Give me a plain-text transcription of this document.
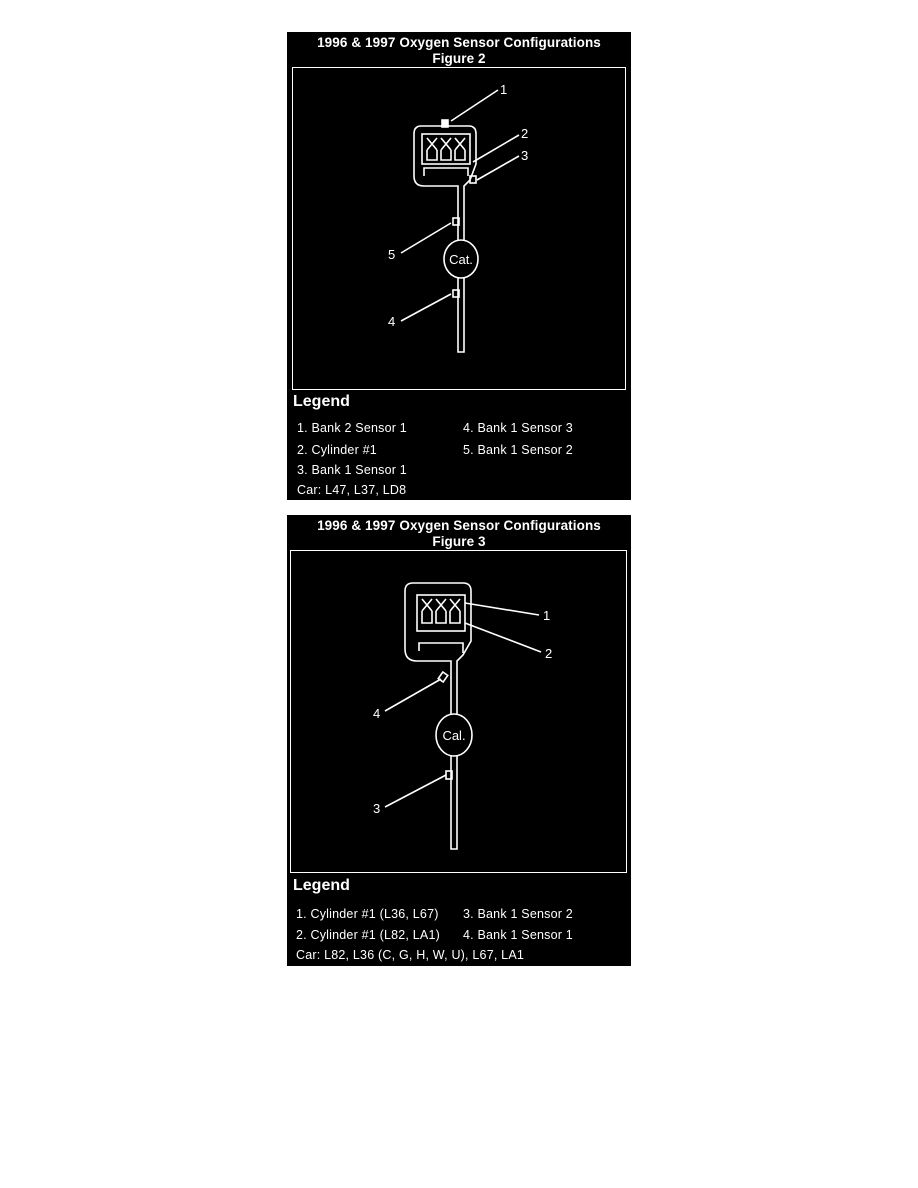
1996 & 1997 Oxygen Sensor Configurations
Figure 2
1
2
3
4
5	Cat.
Legend
1. Bank 2 Sensor 1
2. Cylinder #1
3. Bank 1 Sensor 1
4. Bank 1 Sensor 3
5. Bank 1 Sensor 2
Car: L47, L37, LD8
1996 & 1997 Oxygen Sensor Configurations
Figure 3
1
2
3
4
Cal.
Legend
1. Cylinder #1 (L36, L67)
2. Cylinder #1 (L82, LA1)
3. Bank 1 Sensor 2
4. Bank 1 Sensor 1
Car: L82, L36 (C, G, H, W, U), L67, LA1
